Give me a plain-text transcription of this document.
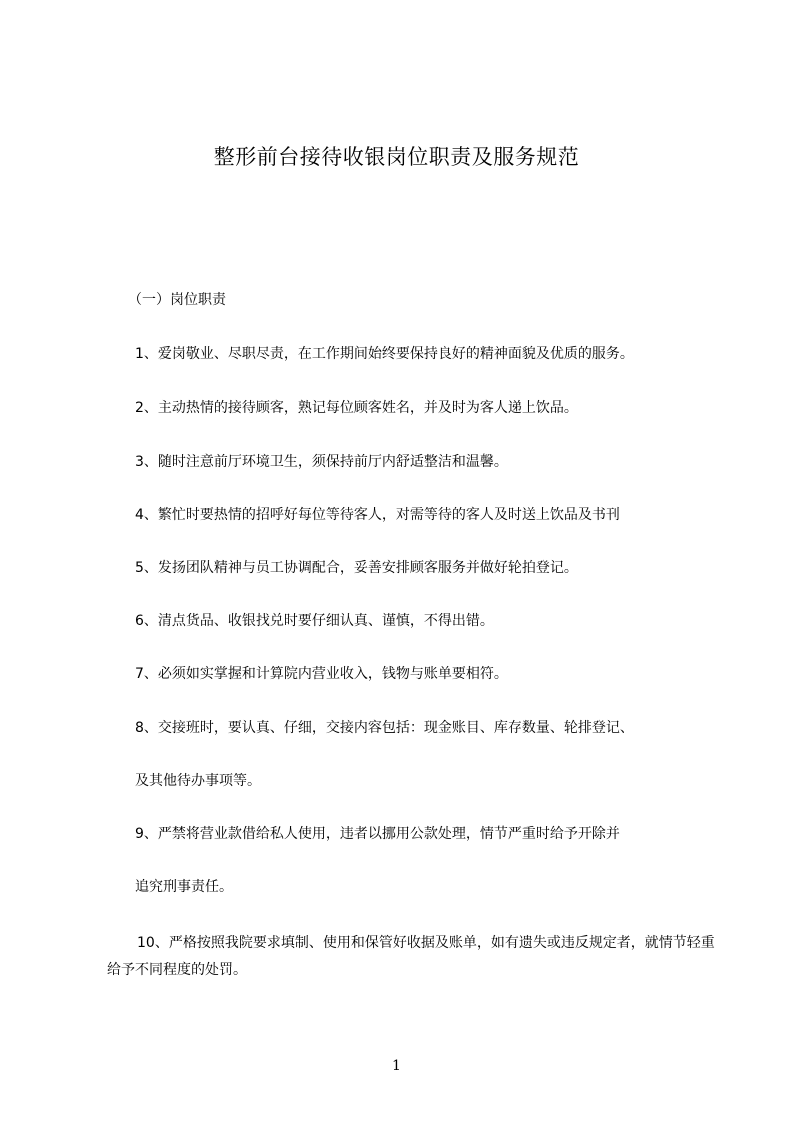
整形前台接待收银岗位职责及服务规范
（一）岗位职责
1、爱岗敬业、尽职尽责，在工作期间始终要保持良好的精神面貌及优质的服务。
2、主动热情的接待顾客，熟记每位顾客姓名，并及时为客人递上饮品。
3、随时注意前厅环境卫生，须保持前厅内舒适整洁和温馨。
4、繁忙时要热情的招呼好每位等待客人，对需等待的客人及时送上饮品及书刊
5、发扬团队精神与员工协调配合，妥善安排顾客服务并做好轮拍登记。
6、清点货品、收银找兑时要仔细认真、谨慎，不得出错。
7、必须如实掌握和计算院内营业收入，钱物与账单要相符。
8、交接班时，要认真、仔细，交接内容包括：现金账目、库存数量、轮排登记、
及其他待办事项等。
9、严禁将营业款借给私人使用，违者以挪用公款处理，情节严重时给予开除并
追究刑事责任。
10、严格按照我院要求填制、使用和保管好收据及账单，如有遗失或违反规定者，就情节轻重给予不同程度的处罚。
1
